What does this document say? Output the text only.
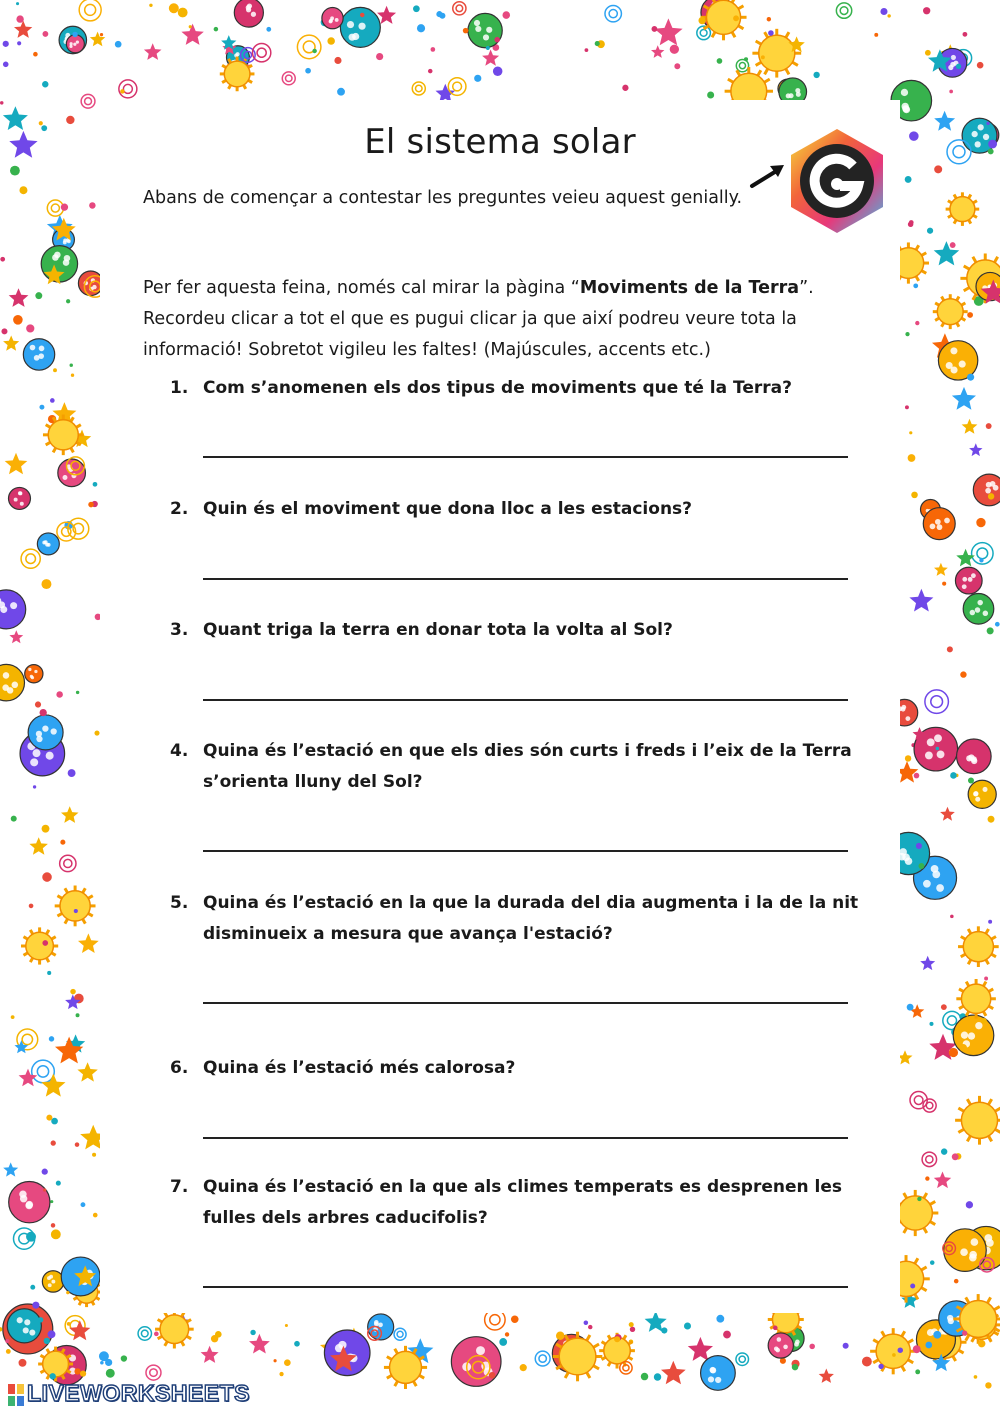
El sistema solar
Abans de començar a contestar les preguntes veieu aquest genially.
Per fer aquesta feina, només cal mirar la pàgina “Moviments de la Terra”. Recordeu clicar a tot el que es pugui clicar ja que així podreu veure tota la informació! Sobretot vigileu les faltes! (Majúscules, accents etc.)
1. Com s’anomenen els dos tipus de moviments que té la Terra?
2. Quin és el moviment que dona lloc a les estacions?
3. Quant triga la terra en donar tota la volta al Sol?
4. Quina és l’estació en que els dies són curts i freds i l’eix de la Terra s’orienta lluny del Sol?
5. Quina és l’estació en la que la durada del dia augmenta i la de la nit disminueix a mesura que avança l'estació?
6. Quina és l’estació més calorosa?
7. Quina és l’estació en la que als climes temperats es desprenen les fulles dels arbres caducifolis?
LIVEWORKSHEETS
